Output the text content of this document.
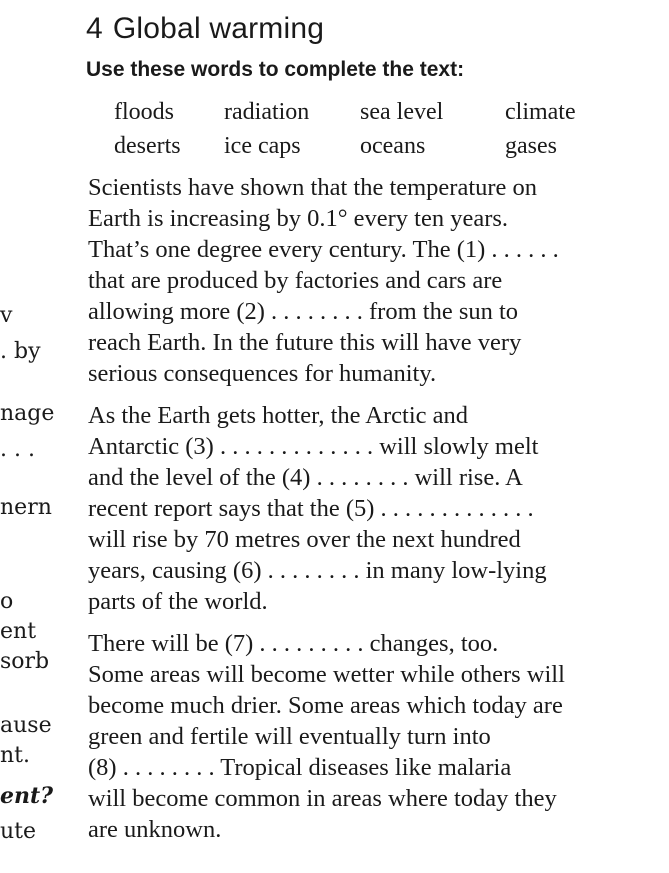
v
. by
nage
. . .
nern
o
ent
sorb
ause
nt.
ent?
ute
4 Global warming
Use these words to complete the text:
floods radiation sea level	climate
deserts ice caps oceans	gases

Scientists have shown that the temperature on
Earth is increasing by 0.1° every ten years.
That’s one degree every century. The (1) . . . . . .
that are produced by factories and cars are
allowing more (2) . . . . . . . . from the sun to
reach Earth. In the future this will have very
serious consequences for humanity.

As the Earth gets hotter, the Arctic and
Antarctic (3) . . . . . . . . . . . . . will slowly melt
and the level of the (4) . . . . . . . . will rise. A
recent report says that the (5) . . . . . . . . . . . . .
will rise by 70 metres over the next hundred
years, causing (6) . . . . . . . . in many low-lying
parts of the world.

There will be (7) . . . . . . . . . changes, too.
Some areas will become wetter while others will
become much drier. Some areas which today are
green and fertile will eventually turn into
(8) . . . . . . . . Tropical diseases like malaria
will become common in areas where today they
are unknown.
